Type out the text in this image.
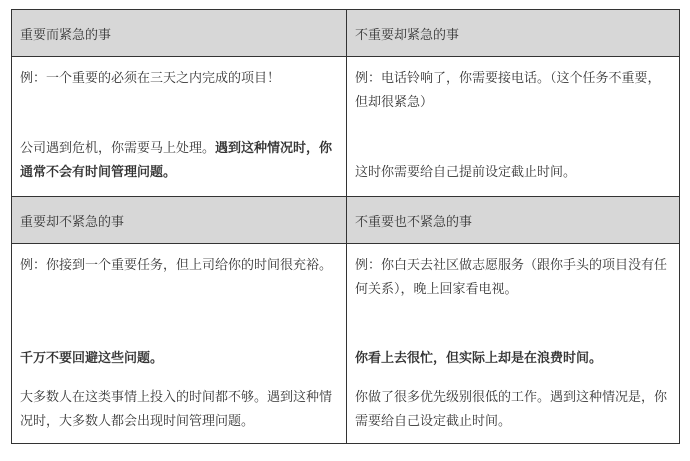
重要而紧急的事	不重要却紧急的事
重要却不紧急的事	不重要也不紧急的事
例：一个重要的必须在三天之内完成的项目！
公司遇到危机，你需要马上处理。遇到这种情况时，你通常不会有时间管理问题。
例：电话铃响了，你需要接电话。（这个任务不重要，但却很紧急）
这时你需要给自己提前设定截止时间。
例：你接到一个重要任务，但上司给你的时间很充裕。
千万不要回避这些问题。
大多数人在这类事情上投入的时间都不够。遇到这种情况时，大多数人都会出现时间管理问题。
例：你白天去社区做志愿服务（跟你手头的项目没有任何关系），晚上回家看电视。
你看上去很忙，但实际上却是在浪费时间。
你做了很多优先级别很低的工作。遇到这种情况是，你需要给自己设定截止时间。
